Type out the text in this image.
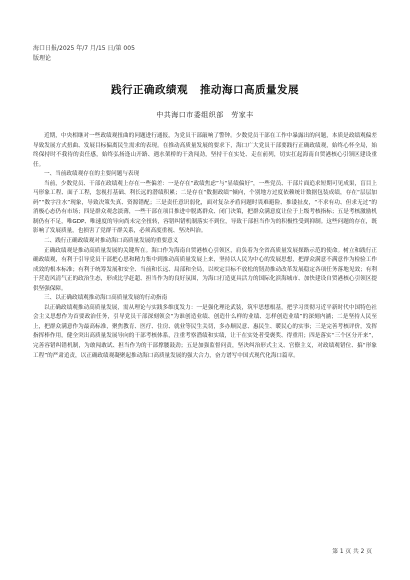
海口日报/2025 年/7 月/15 日/第 005
版理论
践行正确政绩观 推动海口高质量发展
中共海口市委组织部　劳家丰

近期，中央相继对一些政绩观扭曲的问题进行通报，为党员干部敲响了警钟。少数党员干部在工作中暴露出的问题，本质是政绩观偏差导致发展方式扭曲、发展目标偏离民生需求的表现。在推动高质量发展的要求下，海口广大党员干部要践行正确政绩观，始终心怀全局，始终保持时不我待的责任感，始终弘扬逢山开路、遇水架桥的干劲闯劲，坚持干在实处、走在前列，切实扛起海南自贸港核心引领区建设重任。

一、当前政绩观存在的主要问题与表现

当前，少数党员、干部在政绩观上存在一些偏差：一是存在“政绩焦虑”与“显绩偏好”，一些党员、干部片面追求短期可见成果，盲目上马形象工程、面子工程，忽视打基础、利长远的潜绩积累；二是存在“数据政绩”倾向，个别地方过度依赖统计数据包装成绩，存在“层层加码”“数字注水”现象，导致决策失真、资源错配；三是责任意识弱化，面对复杂矛盾问题时畏难避险、推诿扯皮，“不求有功、但求无过”的消极心态仍有市场；四是群众观念淡薄，一些干部在项目推进中脱离群众、闭门决策，把群众满意度让位于上级考核指标；五是考核激励机制仍有不足，唯GDP、唯速度的导向尚未完全扭转，容错纠错机制落实不到位，导致干部担当作为的积极性受到抑制。这些问题的存在，既影响了发展质量，也损害了党群干群关系，必须高度重视、坚决纠治。

二、践行正确政绩观对推动海口高质量发展的重要意义

正确政绩观是推动高质量发展的关键所在。海口作为海南自贸港核心引领区，肩负着为全省高质量发展探路示范的使命。树立和践行正确政绩观，有利于引导党员干部把心思和精力集中到推动高质量发展上来，坚持以人民为中心的发展思想，把群众满意不满意作为检验工作成效的根本标准；有利于统筹发展和安全、当前和长远、局部和全局，以咬定目标不放松的韧劲推动改革发展稳定各项任务落地见效；有利于营造风清气正的政治生态，形成比学赶超、担当作为的良好氛围，为海口打造更具活力的国际化滨海城市、加快建设自贸港核心引领区提供坚强保障。

三、以正确政绩观推动海口高质量发展的行动指南

以正确政绩观推动高质量发展，需从理论与实践多维度发力：一是强化理论武装，筑牢思想根基，把学习贯彻习近平新时代中国特色社会主义思想作为首要政治任务，引导党员干部深刻领会“为谁创造业绩、创造什么样的业绩、怎样创造业绩”的深刻内涵；二是坚持人民至上，把群众满意作为最高标准，聚焦教育、医疗、住房、就业等民生关切，多办顺民意、惠民生、暖民心的实事；三是完善考核评价，发挥指挥棒作用，健全突出高质量发展导向的干部考核体系，注重考察潜绩和实绩，让干在实处者受褒奖、得重用；四是落实“三个区分开来”，完善容错纠错机制，为敢闯敢试、担当作为的干部撑腰鼓劲；五是加强监督问责，坚决纠治形式主义、官僚主义，对政绩观错位、搞“形象工程”的严肃追责，以正确政绩观凝聚起推动海口高质量发展的强大合力，奋力谱写中国式现代化海口篇章。

第 1 页 共 2 页
